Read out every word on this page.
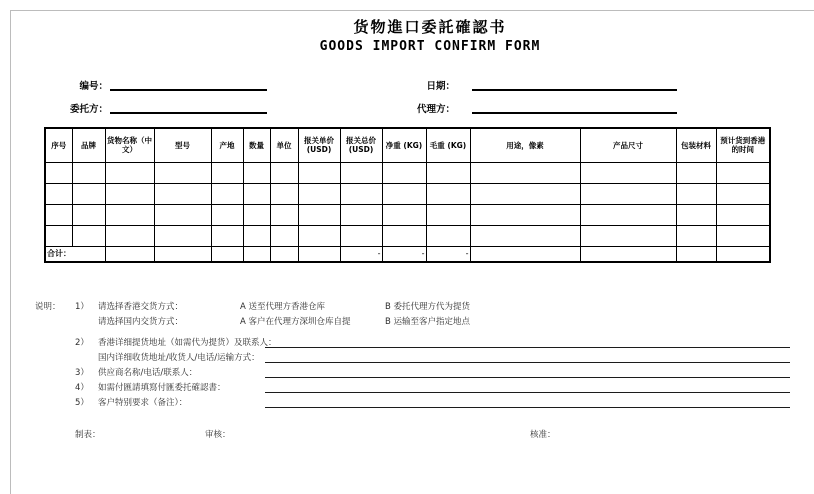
货物進口委託確認书
GOODS IMPORT CONFIRM FORM
编号：	日期：
委托方：	代理方：
序号	品牌	货物名称（中文）	型号	产地	数量	单位	报关单价 (USD)	报关总价 (USD)	净重 (KG)	毛重 (KG)	用途，像素	产品尺寸	包装材料	预计货到香港的时间

合计：								-	-	-				
说明： 1） 请选择香港交货方式：	A 送至代理方香港仓库	B 委托代理方代为提货
请选择国内交货方式：	A 客户在代理方深圳仓库自提	B 运输至客户指定地点
2） 香港详细提货地址（如需代为提货）及联系人：
国内详细收货地址/收货人/电话/运输方式：
3） 供应商名称/电话/联系人：
4） 如需付匯請填寫付匯委托確認書：
5） 客户特别要求（备注）：
制表：	审核：	核准：
